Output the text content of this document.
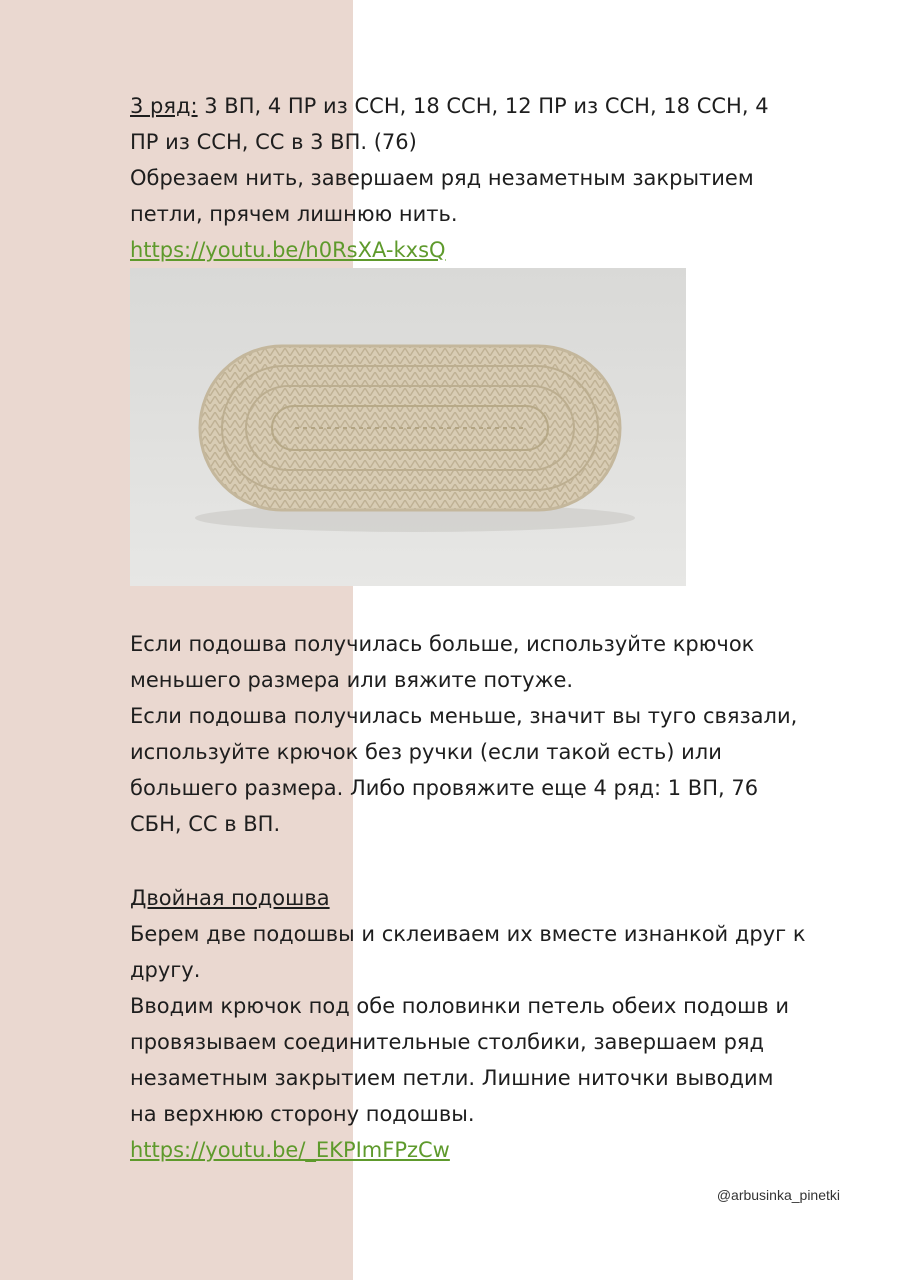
3 ряд: 3 ВП, 4 ПР из ССН, 18 ССН, 12 ПР из ССН, 18 ССН, 4
ПР из ССН, СС в 3 ВП. (76)

Обрезаем нить, завершаем ряд незаметным закрытием
петли, прячем лишнюю нить.

https://youtu.be/h0RsXA-kxsQ

Если подошва получилась больше, используйте крючок
меньшего размера или вяжите потуже.

Если подошва получилась меньше, значит вы туго связали,
используйте крючок без ручки (если такой есть) или
большего размера. Либо провяжите еще 4 ряд: 1 ВП, 76
СБН, СС в ВП.

Двойная подошва

Берем две подошвы и склеиваем их вместе изнанкой друг к
другу.

Вводим крючок под обе половинки петель обеих подошв и
провязываем соединительные столбики, завершаем ряд
незаметным закрытием петли. Лишние ниточки выводим
на верхнюю сторону подошвы.

https://youtu.be/_EKPImFPzCw
@arbusinka_pinetki
